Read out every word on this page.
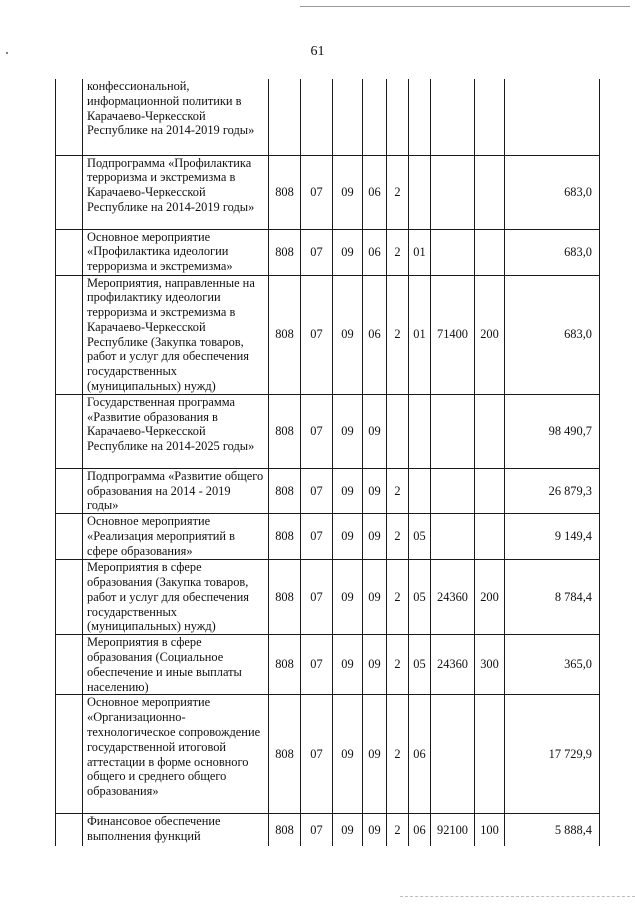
61
	конфессиональной, информационной политики в Карачаево-Черкесской Республике на 2014-2019 годы»									
	Подпрограмма «Профилактика терроризма и экстремизма в Карачаево-Черкесской Республике на 2014-2019 годы»	808	07	09	06	2				683,0
	Основное мероприятие «Профилактика идеологии терроризма и экстремизма»	808	07	09	06	2	01			683,0
	Мероприятия, направленные на профилактику идеологии терроризма и экстремизма в Карачаево-Черкесской Республике (Закупка товаров, работ и услуг для обеспечения государственных (муниципальных) нужд)	808	07	09	06	2	01	71400	200	683,0
	Государственная программа «Развитие образования в Карачаево-Черкесской Республике на 2014-2025 годы»	808	07	09	09					98 490,7
	Подпрограмма «Развитие общего образования на 2014 - 2019 годы»	808	07	09	09	2				26 879,3
	Основное мероприятие «Реализация мероприятий в сфере образования»	808	07	09	09	2	05			9 149,4
	Мероприятия в сфере образования (Закупка товаров, работ и услуг для обеспечения государственных (муниципальных) нужд)	808	07	09	09	2	05	24360	200	8 784,4
	Мероприятия в сфере образования (Социальное обеспечение и иные выплаты населению)	808	07	09	09	2	05	24360	300	365,0
	Основное мероприятие «Организационно-технологическое сопровождение государственной итоговой аттестации в форме основного общего и среднего общего образования»	808	07	09	09	2	06			17 729,9
	Финансовое обеспечение выполнения функций	808	07	09	09	2	06	92100	100	5 888,4
